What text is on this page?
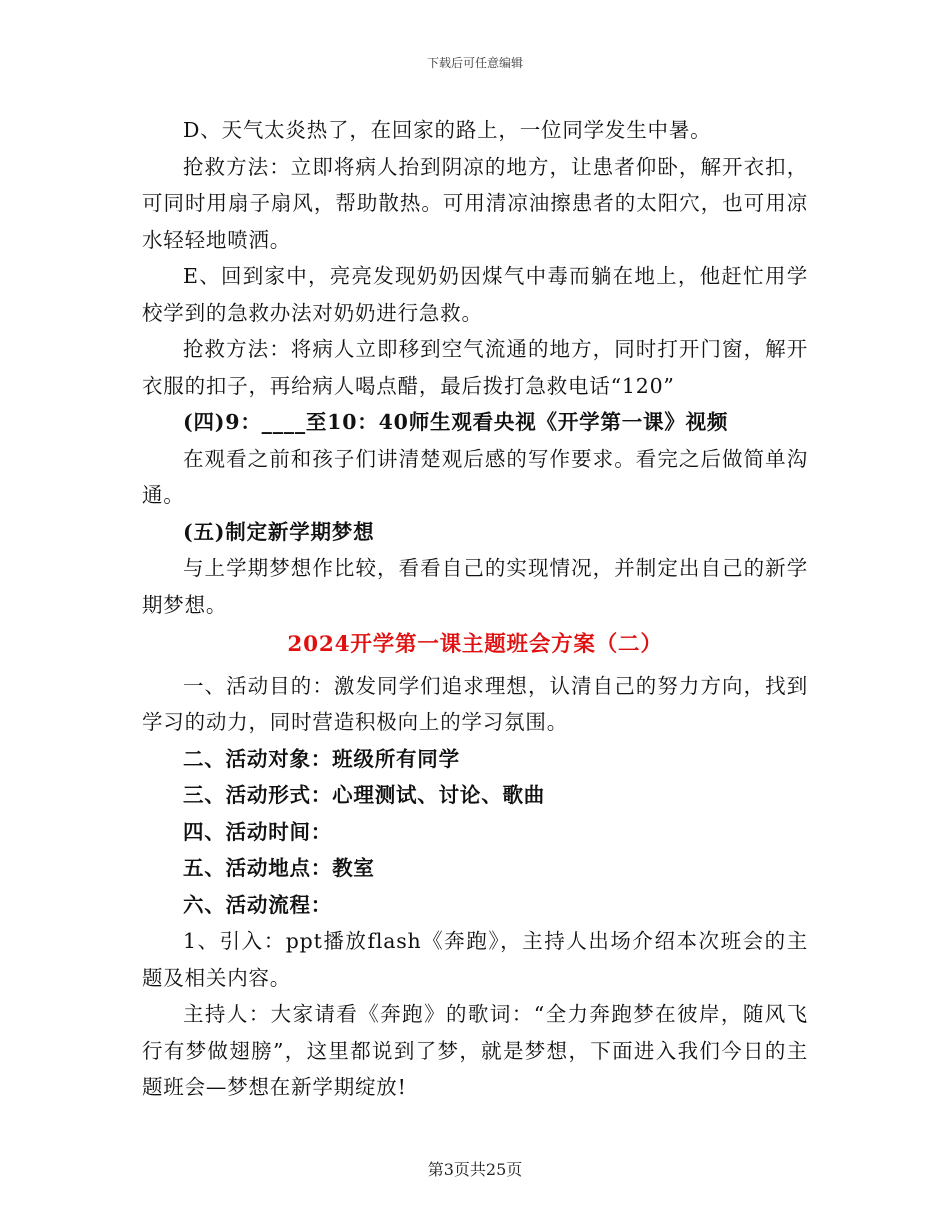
下载后可任意编辑

D、天气太炎热了，在回家的路上，一位同学发生中暑。

抢救方法：立即将病人抬到阴凉的地方，让患者仰卧，解开衣扣，可同时用扇子扇风，帮助散热。可用清凉油擦患者的太阳穴，也可用凉水轻轻地喷洒。

E、回到家中，亮亮发现奶奶因煤气中毒而躺在地上，他赶忙用学校学到的急救办法对奶奶进行急救。

抢救方法：将病人立即移到空气流通的地方，同时打开门窗，解开衣服的扣子，再给病人喝点醋，最后拨打急救电话“120”

(四)9：____至10：40师生观看央视《开学第一课》视频

在观看之前和孩子们讲清楚观后感的写作要求。看完之后做简单沟通。

(五)制定新学期梦想

与上学期梦想作比较，看看自己的实现情况，并制定出自己的新学期梦想。

2024开学第一课主题班会方案（二）

一、活动目的：激发同学们追求理想，认清自己的努力方向，找到学习的动力，同时营造积极向上的学习氛围。

二、活动对象：班级所有同学

三、活动形式：心理测试、讨论、歌曲

四、活动时间：

五、活动地点：教室

六、活动流程：

1、引入：ppt播放flash《奔跑》，主持人出场介绍本次班会的主题及相关内容。

主持人：大家请看《奔跑》的歌词：“全力奔跑梦在彼岸，随风飞行有梦做翅膀”，这里都说到了梦，就是梦想，下面进入我们今日的主题班会—梦想在新学期绽放!

第3页共25页
